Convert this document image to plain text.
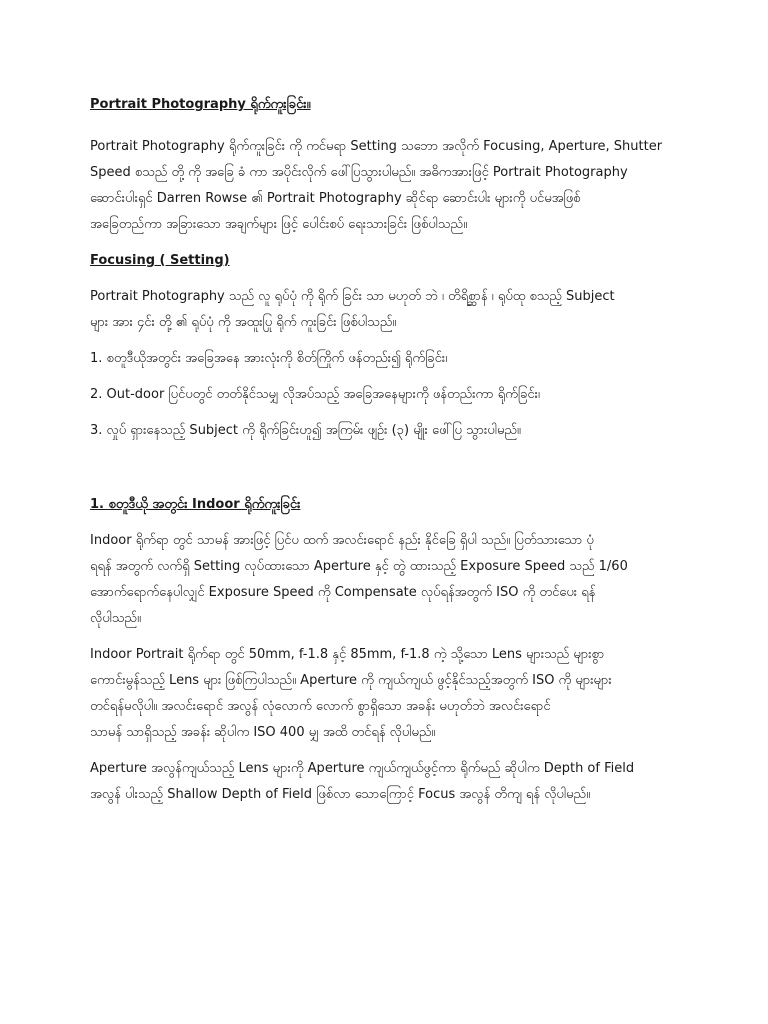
Portrait Photography ရိုက်ကူးခြင်း။
Portrait Photography ရိုက်ကူးခြင်း ကို ကင်မရာ Setting သဘော အလိုက် Focusing, Aperture, Shutter
Speed စသည် တို့ ကို အခြေ ခံ ကာ အပိုင်းလိုက် ဖေါ်ပြသွားပါမည်။ အဓိကအားဖြင့် Portrait Photography
ဆောင်းပါးရှင် Darren Rowse ၏ Portrait Photography ဆိုင်ရာ ဆောင်းပါး များကို ပင်မအဖြစ်
အခြေတည်ကာ အခြားသော အချက်များ ဖြင့် ပေါင်းစပ် ရေးသားခြင်း ဖြစ်ပါသည်။
Focusing ( Setting)
Portrait Photography သည် လူ ရုပ်ပုံ ကို ရိုက် ခြင်း သာ မဟုတ် ဘဲ ၊ တိရိစ္ဆာန် ၊ ရုပ်ထု စသည့် Subject
များ အား ၄င်း တို့ ၏ ရုပ်ပုံ ကို အထူးပြု ရိုက် ကူးခြင်း ဖြစ်ပါသည်။
1. စတူဒီယိုအတွင်း အခြေအနေ အားလုံးကို စိတ်ကြိုက် ဖန်တည်း၍ ရိုက်ခြင်း၊
2. Out-door ပြင်ပတွင် တတ်နိုင်သမျှ လိုအပ်သည့် အခြေအနေများကို ဖန်တည်းကာ ရိုက်ခြင်း၊
3. လှုပ် ရှားနေသည့် Subject ကို ရိုက်ခြင်းဟူ၍ အကြမ်း ဖျဉ်း (၃) မျိုး ဖေါ်ပြ သွားပါမည်။
1. စတူဒီယို အတွင်း Indoor ရိုက်ကူးခြင်း
Indoor ရိုက်ရာ တွင် သာမန် အားဖြင့် ပြင်ပ ထက် အလင်းရောင် နည်း နိုင်ခြေ ရှိပါ သည်။ ပြတ်သားသော ပုံ
ရရန် အတွက် လက်ရှိ Setting လုပ်ထားသော Aperture နှင့် တွဲ ထားသည့် Exposure Speed သည် 1/60
အောက်ရောက်နေပါလျှင် Exposure Speed ကို Compensate လုပ်ရန်အတွက် ISO ကို တင်ပေး ရန်
လိုပါသည်။
Indoor Portrait ရိုက်ရာ တွင် 50mm, f-1.8 နှင့် 85mm, f-1.8 ကဲ့ သို့သော Lens များသည် များစွာ
ကောင်းမွန်သည့် Lens များ ဖြစ်ကြပါသည်။ Aperture ကို ကျယ်ကျယ် ဖွင့်နိုင်သည့်အတွက် ISO ကို များများ
တင်ရန်မလိုပါ။ အလင်းရောင် အလွန် လုံလောက် လောက် စွာရှိသော အခန်း မဟုတ်ဘဲ အလင်းရောင်
သာမန် သာရှိသည့် အခန်း ဆိုပါက ISO 400 မျှ အထိ တင်ရန် လိုပါမည်။
Aperture အလွန်ကျယ်သည့် Lens များကို Aperture ကျယ်ကျယ်ဖွင့်ကာ ရိုက်မည် ဆိုပါက Depth of Field
အလွန် ပါးသည့် Shallow Depth of Field ဖြစ်လာ သောကြောင့် Focus အလွန် တိကျ ရန် လိုပါမည်။
